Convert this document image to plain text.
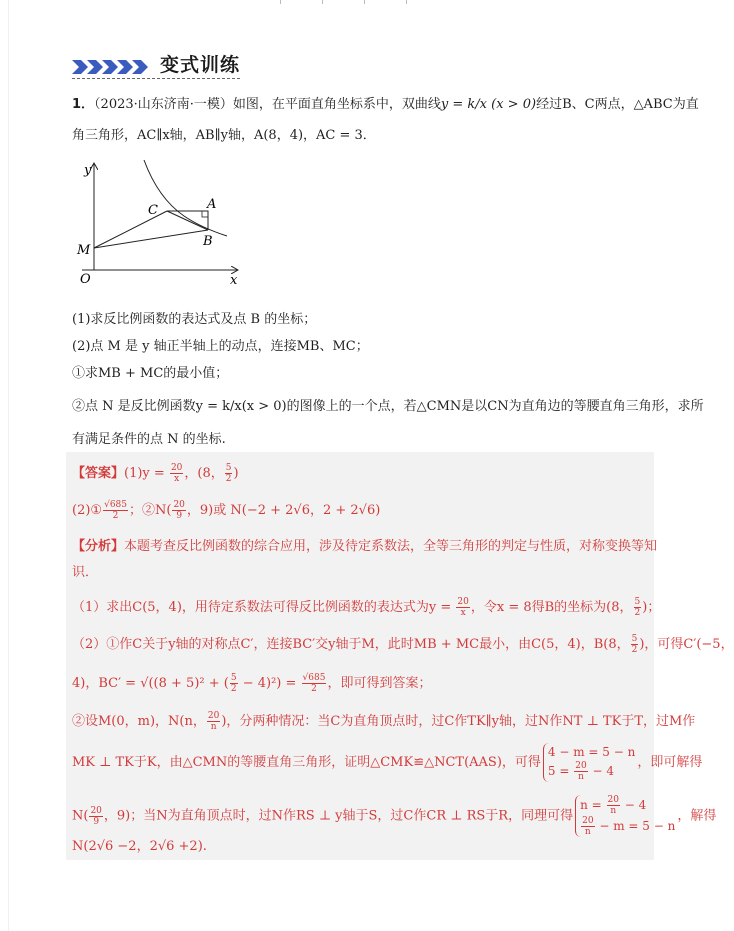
变式训练
1．（2023·山东济南·一模）如图，在平面直角坐标系中，双曲线y = k/x (x > 0)经过B、C两点，△ABC为直
角三角形，AC∥x轴，AB∥y轴，A(8，4)，AC = 3．
y
x
O
A
B
C
M
(1)求反比例函数的表达式及点 B 的坐标；
(2)点 M 是 y 轴正半轴上的动点，连接MB、MC；
①求MB + MC的最小值；
②点 N 是反比例函数y = k/x(x > 0)的图像上的一个点，若△CMN是以CN为直角边的等腰直角三角形，求所
有满足条件的点 N 的坐标.
【答案】$(1)y = \frac{20}{x}$ ，(8， $\frac{5}{2}$ )
(2)① $\frac{√685}{2}$ ；②N( $\frac{20}{9}$ ，9)或 N(−2 + 2√6，2 + 2√6)
【分析】本题考查反比例函数的综合应用，涉及待定系数法，全等三角形的判定与性质，对称变换等知
识．
（1）求出C(5，4)，用待定系数法可得反比例函数的表达式为$y = \frac{20}{x}$ ，令x = 8得B的坐标为(8， $\frac{5}{2}$ )；
（2）①作C关于y轴的对称点C′，连接BC′交y轴于M，此时MB + MC最小，由C(5，4)，B(8， $\frac{5}{2}$ )，可得C′(−5，
4)，BC′ = √((8 + 5)² + ( $\frac{5}{2} - 4)^2) = \frac{√685}{2}$ ，即可得到答案；
②设M(0，m)，N(n， $\frac{20}{n}$ )，分两种情况：当C为直角顶点时，过C作TK∥y轴，过N作NT ⊥ TK于T，过M作
MK ⊥ TK于K，由△CMN的等腰直角三角形，证明△CMK≌△NCT(AAS)，可得
4 − m = 5 − n
$5 = \frac{20}{n} - 4$
，即可解得
$N( \frac{20}{9}$ ，9)；当N为直角顶点时，过N作RS ⊥ y轴于S，过C作CR ⊥ RS于R，同理可得
$n = \frac{20}{n} - 4$
$\frac{20}{n} - m = 5 - n$
，解得
N(2√6 −2，2√6 +2).
